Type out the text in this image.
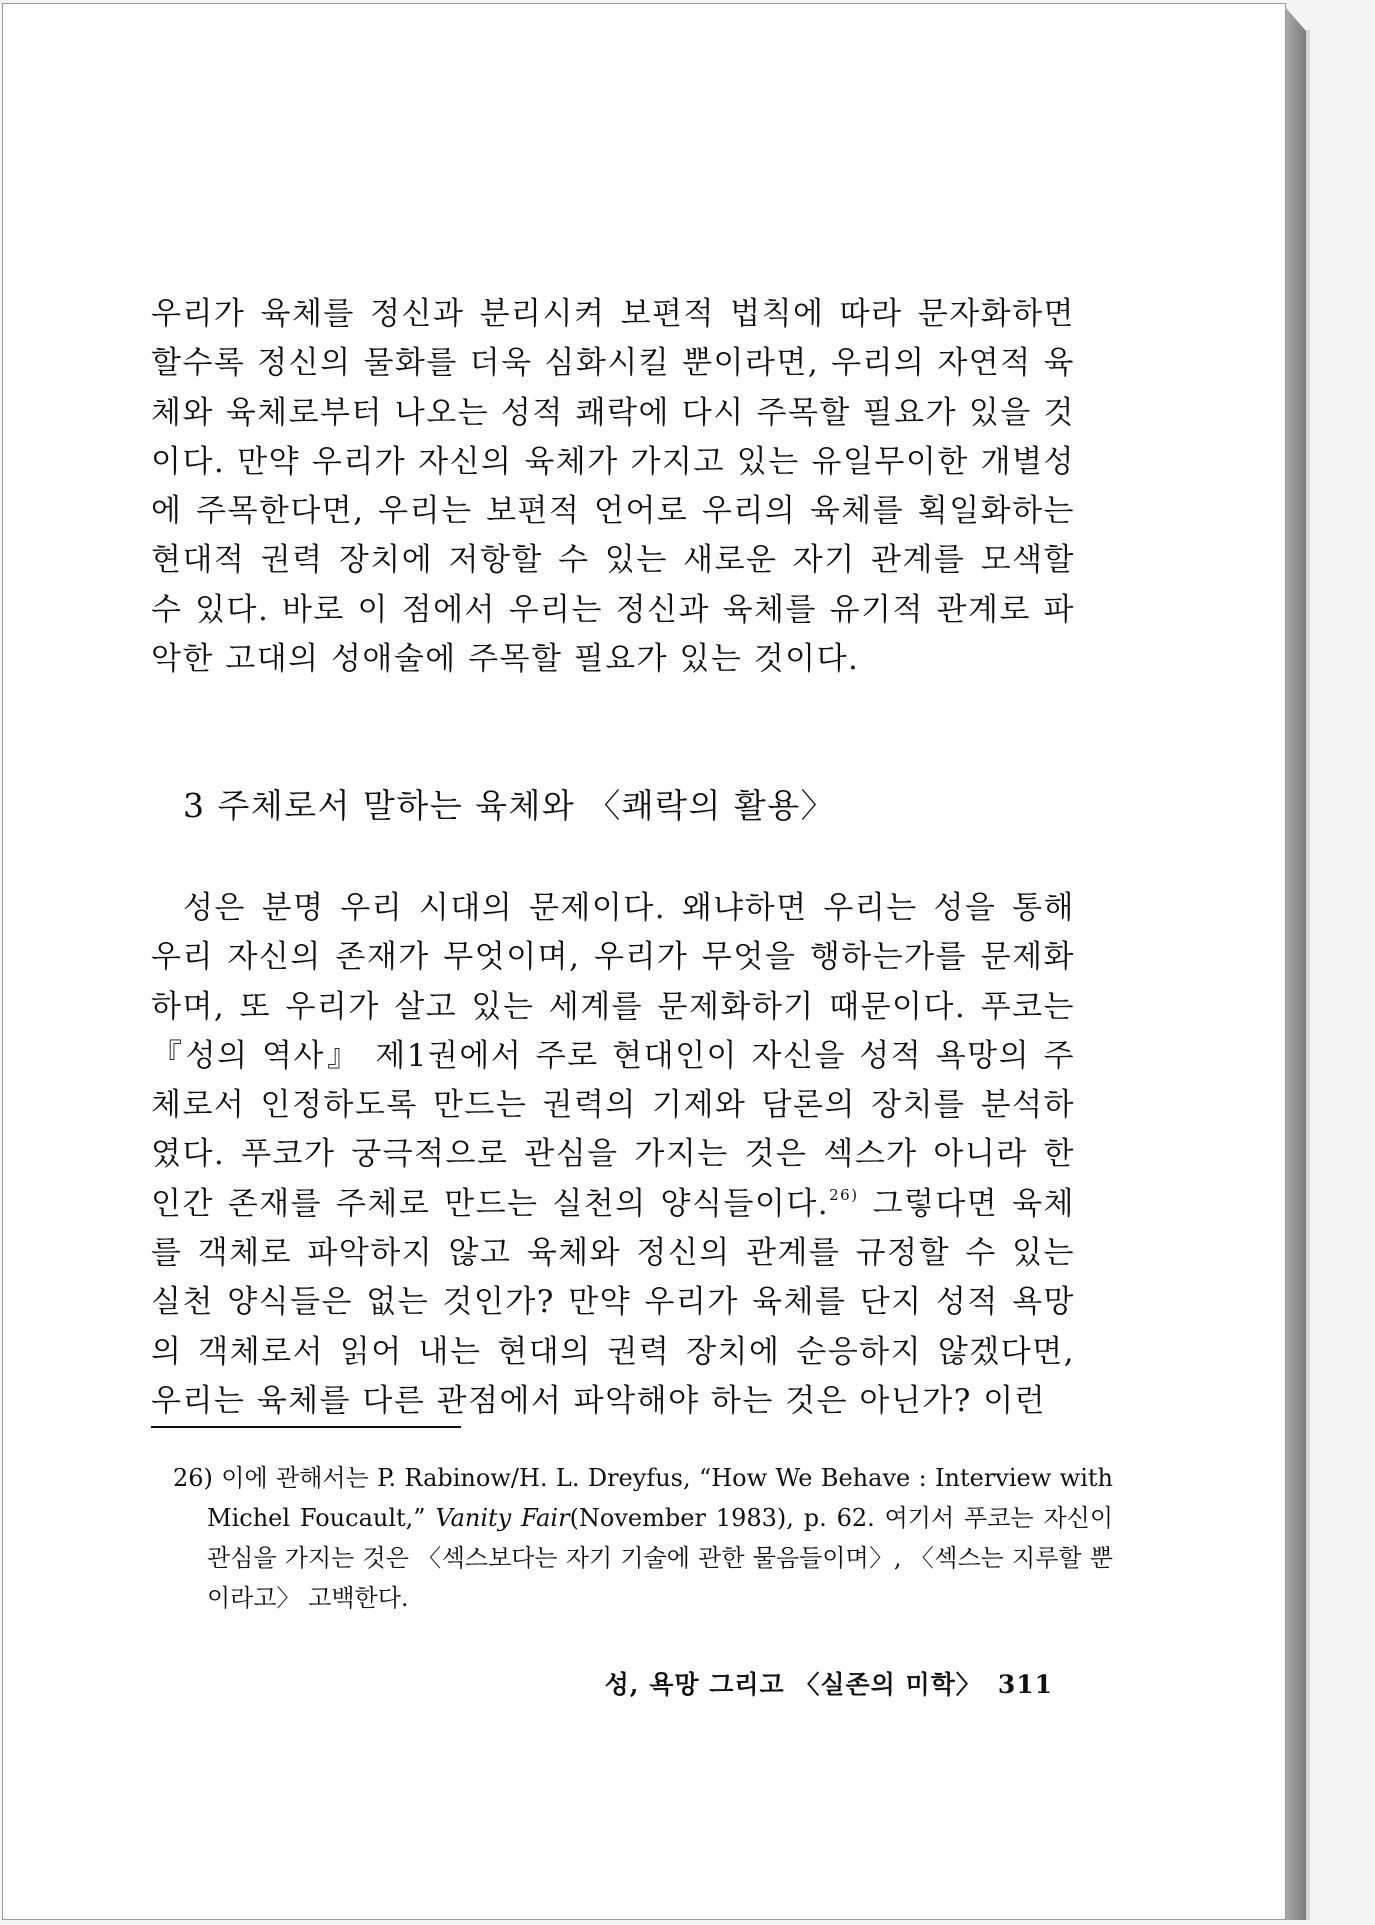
우리가 육체를 정신과 분리시켜 보편적 법칙에 따라 문자화하면 할수록 정신의 물화를 더욱 심화시킬 뿐이라면, 우리의 자연적 육체와 육체로부터 나오는 성적 쾌락에 다시 주목할 필요가 있을 것이다. 만약 우리가 자신의 육체가 가지고 있는 유일무이한 개별성에 주목한다면, 우리는 보편적 언어로 우리의 육체를 획일화하는 현대적 권력 장치에 저항할 수 있는 새로운 자기 관계를 모색할 수 있다. 바로 이 점에서 우리는 정신과 육체를 유기적 관계로 파악한 고대의 성애술에 주목할 필요가 있는 것이다.

3 주체로서 말하는 육체와 〈쾌락의 활용〉

성은 분명 우리 시대의 문제이다. 왜냐하면 우리는 성을 통해 우리 자신의 존재가 무엇이며, 우리가 무엇을 행하는가를 문제화하며, 또 우리가 살고 있는 세계를 문제화하기 때문이다. 푸코는 『성의 역사』 제1권에서 주로 현대인이 자신을 성적 욕망의 주체로서 인정하도록 만드는 권력의 기제와 담론의 장치를 분석하였다. 푸코가 궁극적으로 관심을 가지는 것은 섹스가 아니라 한 인간 존재를 주체로 만드는 실천의 양식들이다.$^{26)}$ 그렇다면 육체를 객체로 파악하지 않고 육체와 정신의 관계를 규정할 수 있는 실천 양식들은 없는 것인가? 만약 우리가 육체를 단지 성적 욕망의 객체로서 읽어 내는 현대의 권력 장치에 순응하지 않겠다면, 우리는 육체를 다른 관점에서 파악해야 하는 것은 아닌가? 이런

26) 이에 관해서는 P. Rabinow/H. L. Dreyfus, “How We Behave : Interview with Michel Foucault,” Vanity Fair(November 1983), p. 62. 여기서 푸코는 자신이 관심을 가지는 것은 〈섹스보다는 자기 기술에 관한 물음들이며〉, 〈섹스는 지루할 뿐이라고〉 고백한다.

성, 욕망 그리고 〈실존의 미학〉 311
